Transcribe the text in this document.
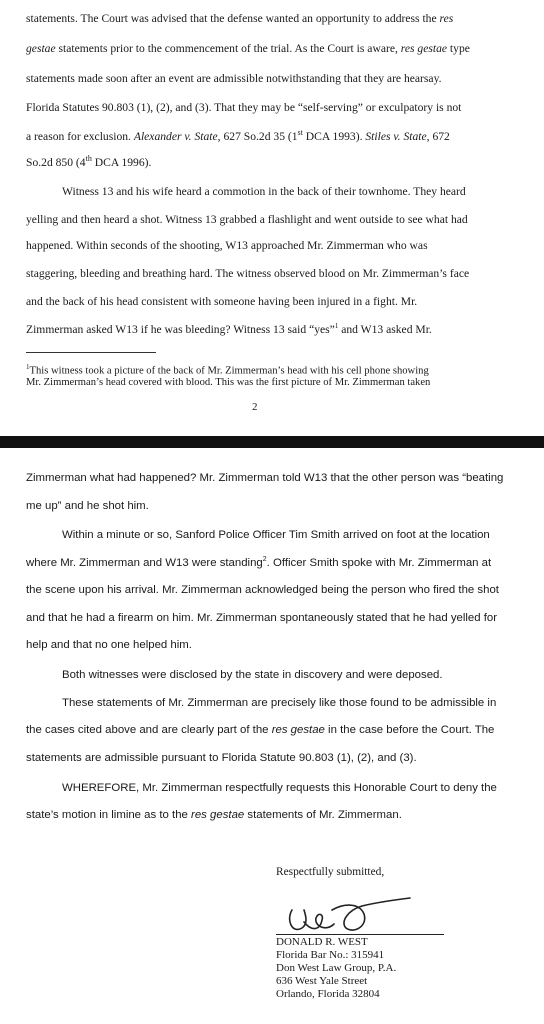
statements. The Court was advised that the defense wanted an opportunity to address the res
gestae statements prior to the commencement of the trial. As the Court is aware, res gestae type
statements made soon after an event are admissible notwithstanding that they are hearsay.
Florida Statutes 90.803 (1), (2), and (3). That they may be “self-serving” or exculpatory is not
a reason for exclusion. Alexander v. State, 627 So.2d 35 (1st DCA 1993). Stiles v. State, 672
So.2d 850 (4th DCA 1996).
Witness 13 and his wife heard a commotion in the back of their townhome. They heard
yelling and then heard a shot. Witness 13 grabbed a flashlight and went outside to see what had
happened. Within seconds of the shooting, W13 approached Mr. Zimmerman who was
staggering, bleeding and breathing hard. The witness observed blood on Mr. Zimmerman’s face
and the back of his head consistent with someone having been injured in a fight. Mr.
Zimmerman asked W13 if he was bleeding? Witness 13 said “yes”$^1$ and W13 asked Mr.
$^1$This witness took a picture of the back of Mr. Zimmerman’s head with his cell phone showing
Mr. Zimmerman’s head covered with blood. This was the first picture of Mr. Zimmerman taken
2
Zimmerman what had happened? Mr. Zimmerman told W13 that the other person was “beating
me up” and he shot him.
Within a minute or so, Sanford Police Officer Tim Smith arrived on foot at the location
where Mr. Zimmerman and W13 were standing$^2$. Officer Smith spoke with Mr. Zimmerman at
the scene upon his arrival. Mr. Zimmerman acknowledged being the person who fired the shot
and that he had a firearm on him. Mr. Zimmerman spontaneously stated that he had yelled for
help and that no one helped him.
Both witnesses were disclosed by the state in discovery and were deposed.
These statements of Mr. Zimmerman are precisely like those found to be admissible in
the cases cited above and are clearly part of the res gestae in the case before the Court. The
statements are admissible pursuant to Florida Statute 90.803 (1), (2), and (3).
WHEREFORE, Mr. Zimmerman respectfully requests this Honorable Court to deny the
state’s motion in limine as to the res gestae statements of Mr. Zimmerman.
Respectfully submitted,
DONALD R. WEST
Florida Bar No.: 315941
Don West Law Group, P.A.
636 West Yale Street
Orlando, Florida 32804
